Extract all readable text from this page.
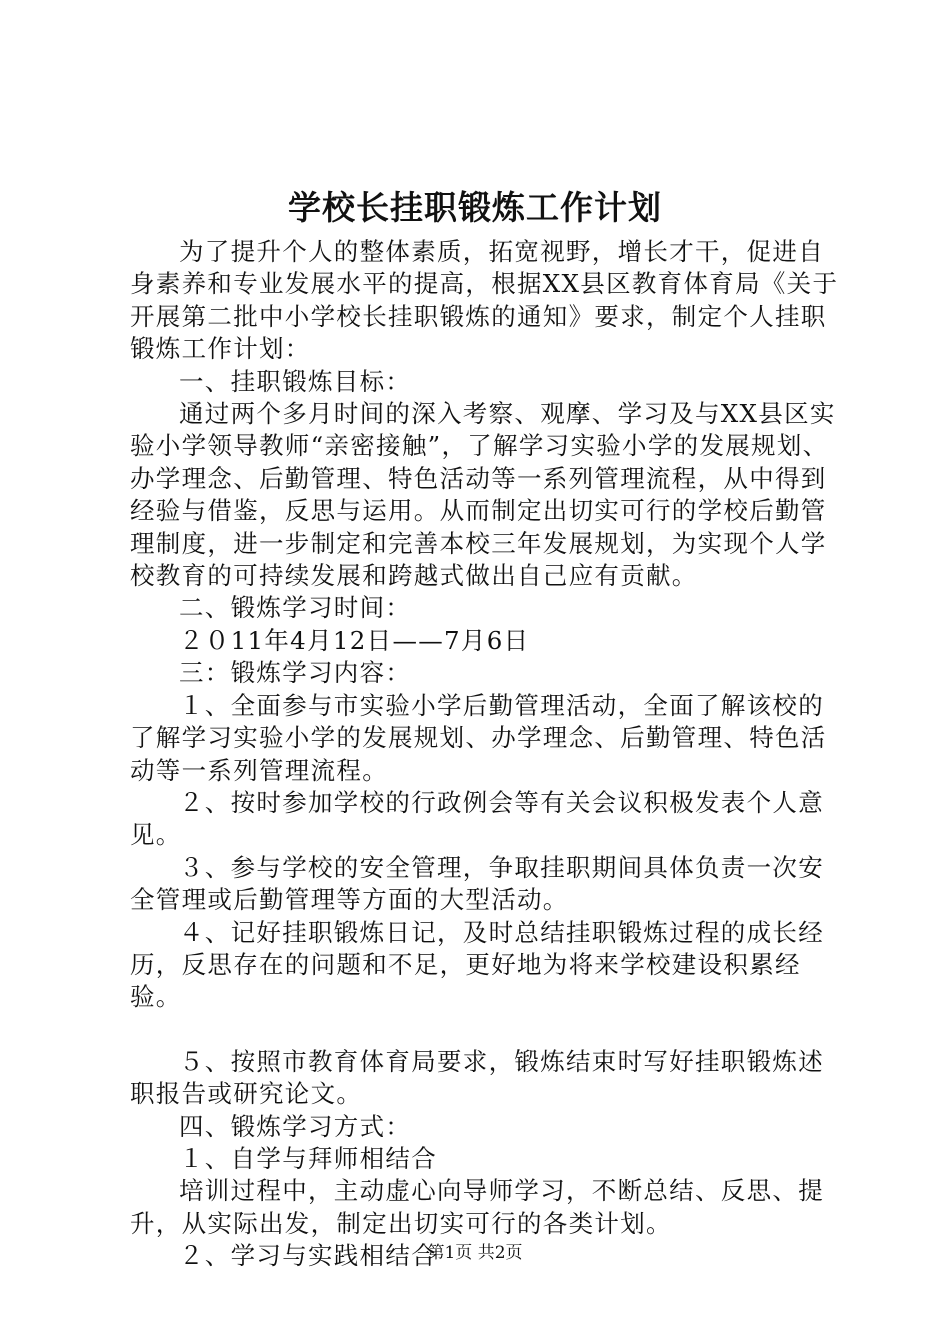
学校长挂职锻炼工作计划

为了提升个人的整体素质，拓宽视野，增长才干，促进自身素养和专业发展水平的提高，根据XX县区教育体育局《关于开展第二批中小学校长挂职锻炼的通知》要求，制定个人挂职锻炼工作计划：

一、挂职锻炼目标：

通过两个多月时间的深入考察、观摩、学习及与XX县区实验小学领导教师“亲密接触”，了解学习实验小学的发展规划、办学理念、后勤管理、特色活动等一系列管理流程，从中得到经验与借鉴，反思与运用。从而制定出切实可行的学校后勤管理制度，进一步制定和完善本校三年发展规划，为实现个人学校教育的可持续发展和跨越式做出自己应有贡献。

二、锻炼学习时间：

２０11年4月12日——7月6日

三：锻炼学习内容：

１、全面参与市实验小学后勤管理活动，全面了解该校的了解学习实验小学的发展规划、办学理念、后勤管理、特色活动等一系列管理流程。

２、按时参加学校的行政例会等有关会议积极发表个人意见。

３、参与学校的安全管理，争取挂职期间具体负责一次安全管理或后勤管理等方面的大型活动。

４、记好挂职锻炼日记，及时总结挂职锻炼过程的成长经历，反思存在的问题和不足，更好地为将来学校建设积累经验。

５、按照市教育体育局要求，锻炼结束时写好挂职锻炼述职报告或研究论文。

四、锻炼学习方式：

１、自学与拜师相结合

培训过程中，主动虚心向导师学习，不断总结、反思、提升，从实际出发，制定出切实可行的各类计划。

２、学习与实践相结合

第1页 共2页
